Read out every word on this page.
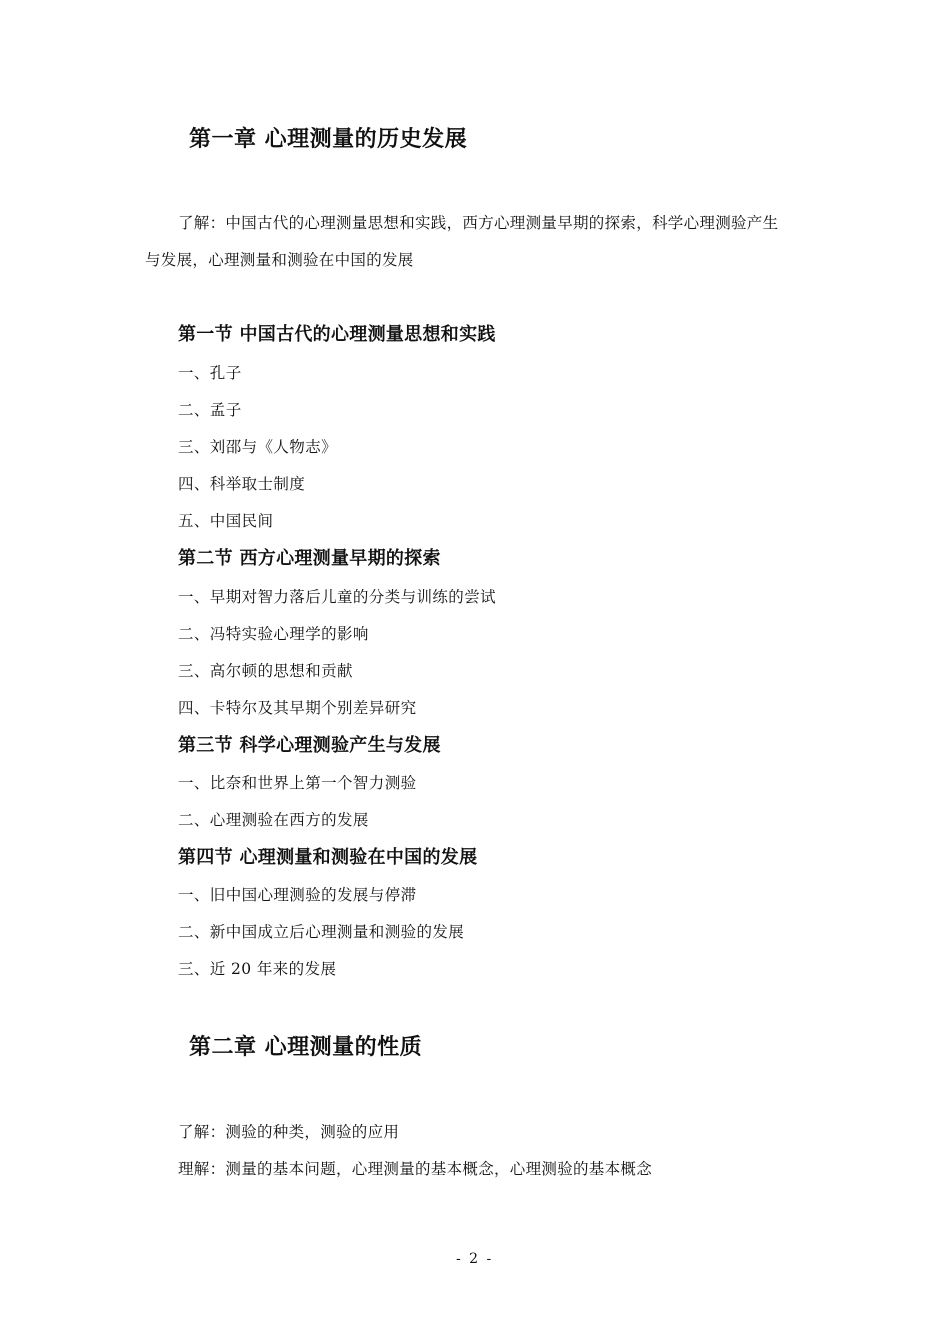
第一章 心理测量的历史发展

了解：中国古代的心理测量思想和实践，西方心理测量早期的探索，科学心理测验产生

与发展，心理测量和测验在中国的发展

第一节 中国古代的心理测量思想和实践

一、孔子

二、孟子

三、刘邵与《人物志》

四、科举取士制度

五、中国民间

第二节 西方心理测量早期的探索

一、早期对智力落后儿童的分类与训练的尝试

二、冯特实验心理学的影响

三、高尔顿的思想和贡献

四、卡特尔及其早期个别差异研究

第三节 科学心理测验产生与发展

一、比奈和世界上第一个智力测验

二、心理测验在西方的发展

第四节 心理测量和测验在中国的发展

一、旧中国心理测验的发展与停滞

二、新中国成立后心理测量和测验的发展

三、近 20 年来的发展

第二章 心理测量的性质

了解：测验的种类，测验的应用

理解：测量的基本问题，心理测量的基本概念，心理测验的基本概念

- 2 -
